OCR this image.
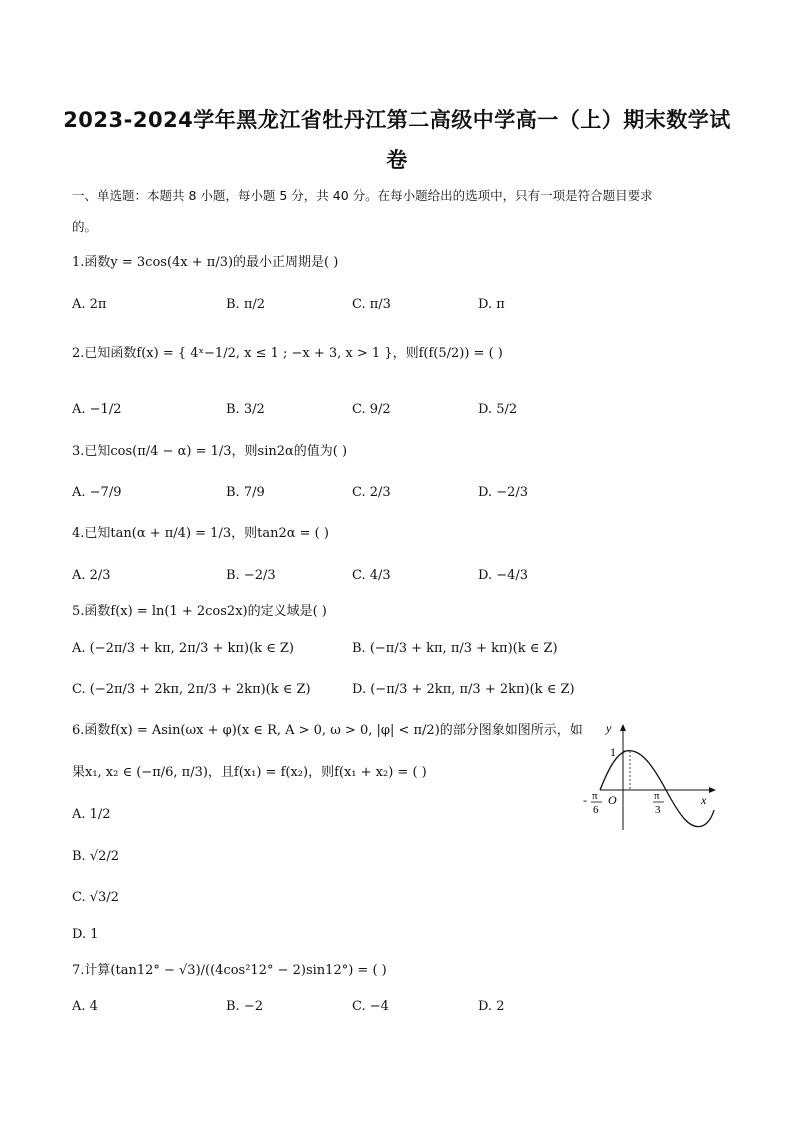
2023-2024学年黑龙江省牡丹江第二高级中学高一（上）期末数学试
卷
一、单选题：本题共 8 小题，每小题 5 分，共 40 分。在每小题给出的选项中，只有一项是符合题目要求
的。
1.函数y = 3cos(4x + π/3)的最小正周期是( )
A. 2π	B. π/2	C. π/3	D. π
2.已知函数f(x) = { 4ˣ−1/2, x ≤ 1 ; −x + 3, x > 1 }，则f(f(5/2)) = ( )
A. −1/2	B. 3/2	C. 9/2	D. 5/2
3.已知cos(π/4 − α) = 1/3，则sin2α的值为( )
A. −7/9	B. 7/9	C. 2/3	D. −2/3
4.已知tan(α + π/4) = 1/3，则tan2α = ( )
A. 2/3	B. −2/3	C. 4/3	D. −4/3
5.函数f(x) = ln(1 + 2cos2x)的定义域是( )
A. (−2π/3 + kπ, 2π/3 + kπ)(k ∈ Z)	B. (−π/3 + kπ, π/3 + kπ)(k ∈ Z)
C. (−2π/3 + 2kπ, 2π/3 + 2kπ)(k ∈ Z)	D. (−π/3 + 2kπ, π/3 + 2kπ)(k ∈ Z)
6.函数f(x) = Asin(ωx + φ)(x ∈ R, A > 0, ω > 0, |φ| < π/2)的部分图象如图所示，如
果x₁, x₂ ∈ (−π/6, π/3)，且f(x₁) = f(x₂)，则f(x₁ + x₂) = ( )
A. 1/2
B. √2/2
C. √3/2
D. 1
y
x
1
O
- π
6
π
3
7.计算(tan12° − √3)/((4cos²12° − 2)sin12°) = ( )
A. 4	B. −2	C. −4	D. 2
